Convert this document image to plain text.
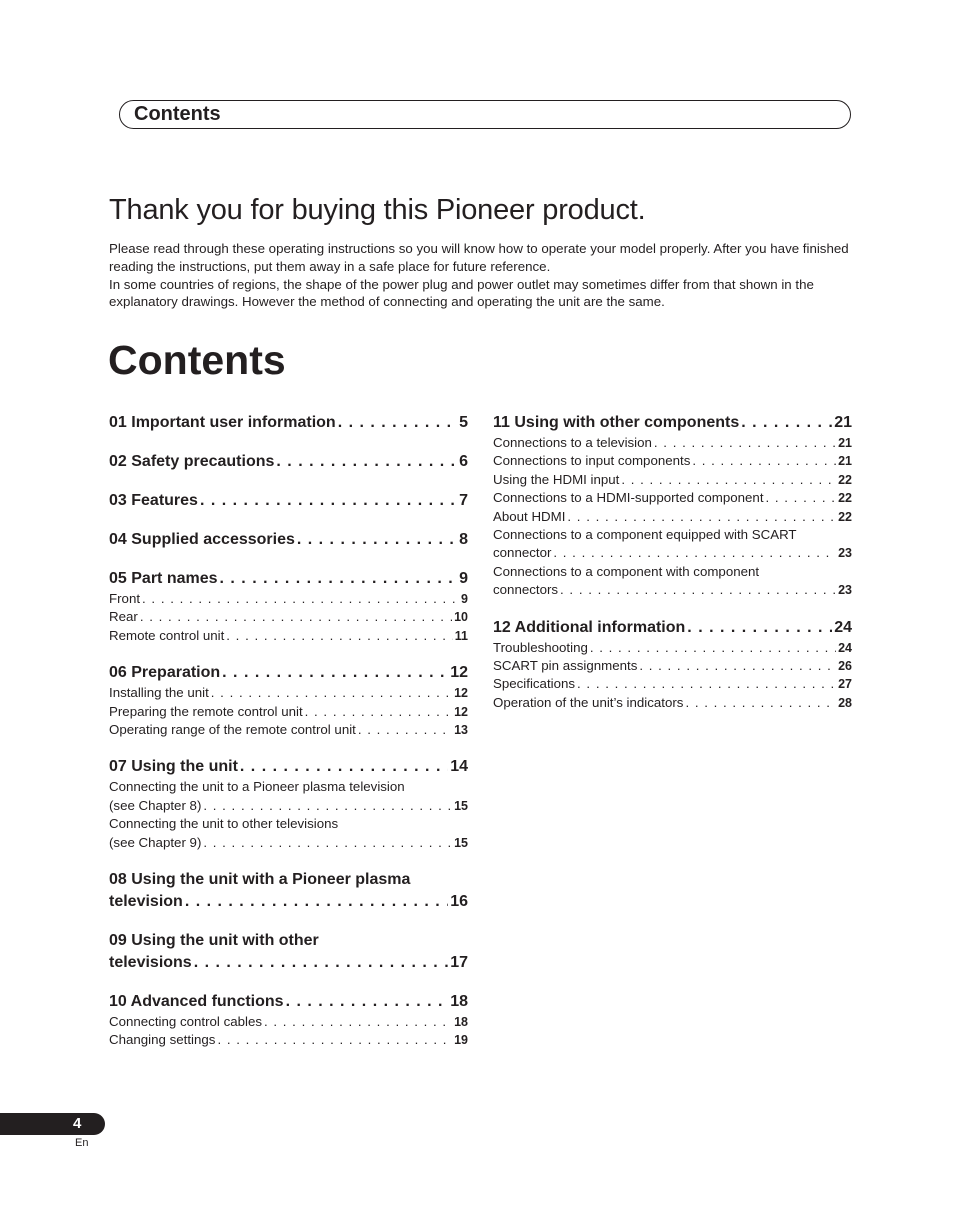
Contents
Thank you for buying this Pioneer product.

Please read through these operating instructions so you will know how to operate your model properly. After you have finished reading the instructions, put them away in a safe place for future reference.

In some countries of regions, the shape of the power plug and power outlet may sometimes differ from that shown in the explanatory drawings. However the method of connecting and operating the unit are the same.

Contents
01 Important user information . . .	5
02 Safety precautions . . .	6
03 Features . . .	7
04 Supplied accessories . . .	8
05 Part names . . .	9
Front . . .	9
Rear . . .	10
Remote control unit . . .	11
06 Preparation . . .	12
Installing the unit . . .	12
Preparing the remote control unit . . .	12
Operating range of the remote control unit . . .	13
07 Using the unit . . .	14
Connecting the unit to a Pioneer plasma television
(see Chapter 8) . . .	15
Connecting the unit to other televisions
(see Chapter 9) . . .	15
08 Using the unit with a Pioneer plasma
television . . .	16
09 Using the unit with other
televisions . . .	17
10 Advanced functions . . .	18
Connecting control cables . . .	18
Changing settings . . .	19
11 Using with other components . . .	21
Connections to a television . . .	21
Connections to input components . . .	21
Using the HDMI input . . .	22
Connections to a HDMI-supported component . . .	22
About HDMI . . .	22
Connections to a component equipped with SCART
connector . . .	23
Connections to a component with component
connectors . . .	23
12 Additional information . . .	24
Troubleshooting . . .	24
SCART pin assignments . . .	26
Specifications . . .	27
Operation of the unit’s indicators . . .	28
4
En
